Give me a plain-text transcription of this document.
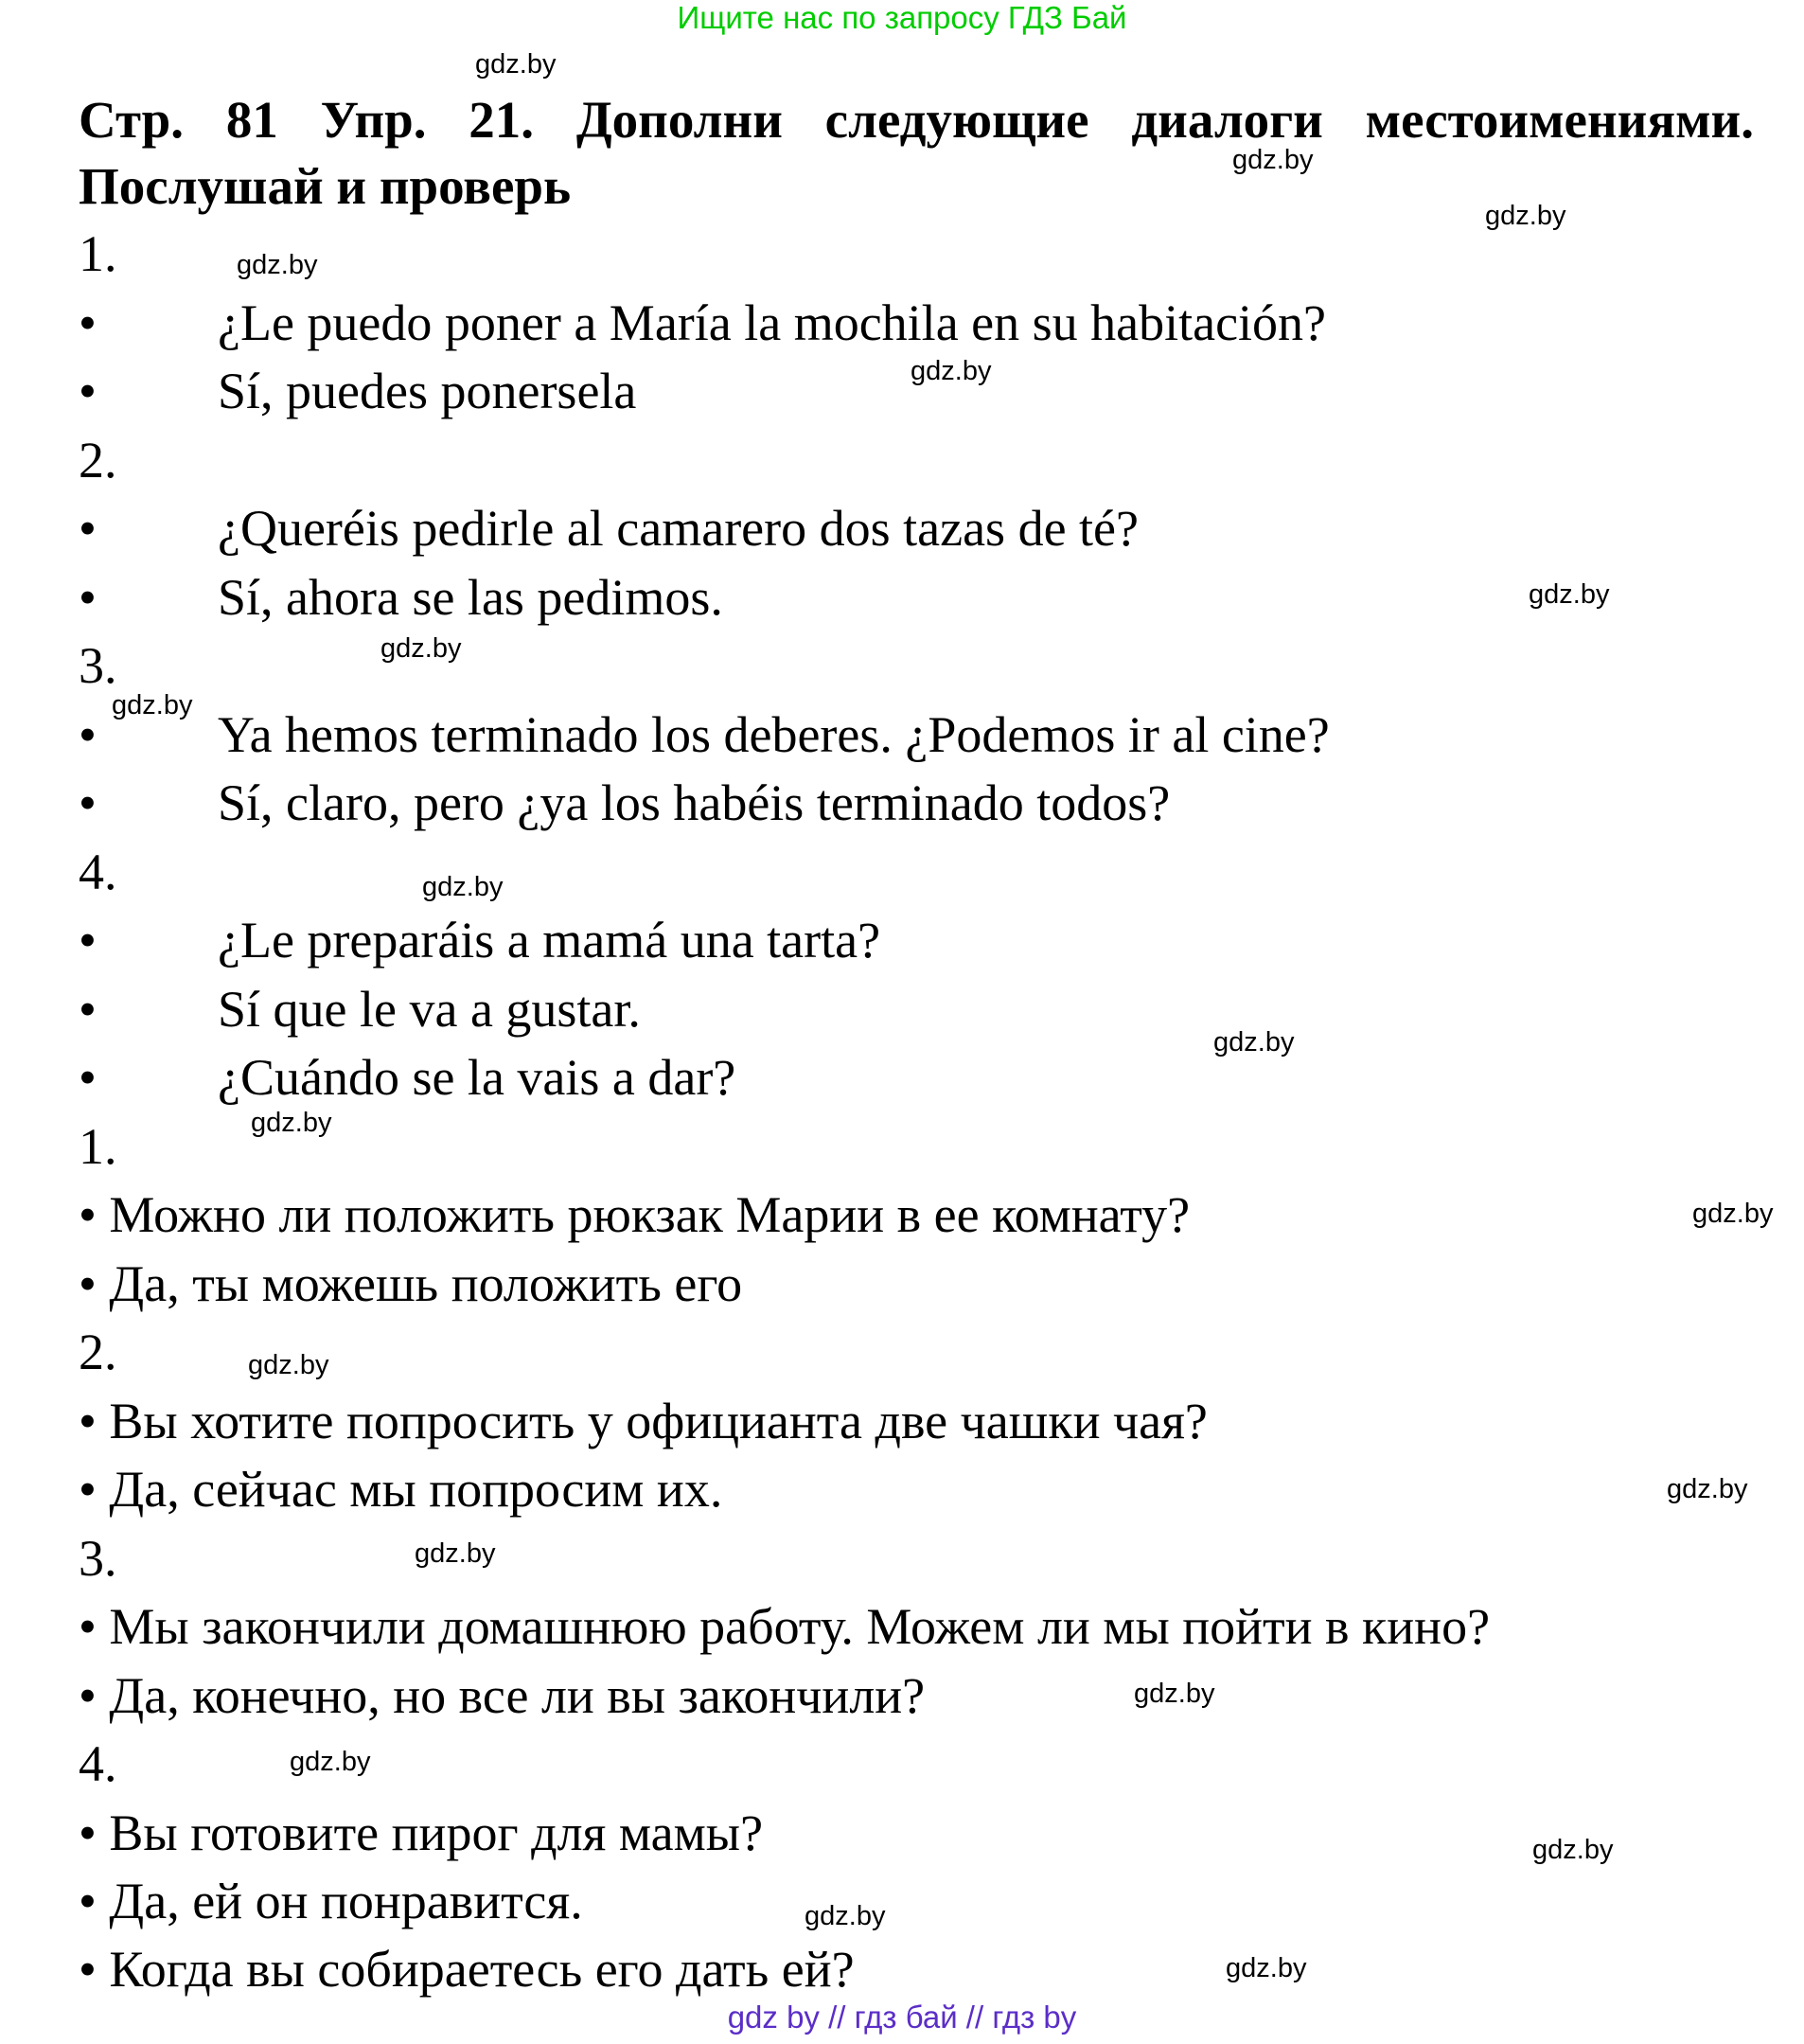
Ищите нас по запросу ГДЗ Бай
Стр. 81 Упр. 21. Дополни следующие диалоги местоимениями. Послушай и проверь
1.
• ¿Le puedo poner a María la mochila en su habitación?
• Sí, puedes ponersela
2.
• ¿Queréis pedirle al camarero dos tazas de té?
• Sí, ahora se las pedimos.
3.
• Ya hemos terminado los deberes. ¿Podemos ir al cine?
• Sí, claro, pero ¿ya los habéis terminado todos?
4.
• ¿Le preparáis a mamá una tarta?
• Sí que le va a gustar.
• ¿Cuándo se la vais a dar?
1.
• Можно ли положить рюкзак Марии в ее комнату?
• Да, ты можешь положить его
2.
• Вы хотите попросить у официанта две чашки чая?
• Да, сейчас мы попросим их.
3.
• Мы закончили домашнюю работу. Можем ли мы пойти в кино?
• Да, конечно, но все ли вы закончили?
4.
• Вы готовите пирог для мамы?
• Да, ей он понравится.
• Когда вы собираетесь его дать ей?
gdz.by
gdz.by
gdz.by
gdz.by
gdz.by
gdz.by
gdz.by
gdz.by
gdz.by
gdz.by
gdz.by
gdz.by
gdz.by
gdz.by
gdz.by
gdz.by
gdz.by
gdz.by
gdz.by
gdz.by
gdz by // гдз бай // гдз by
